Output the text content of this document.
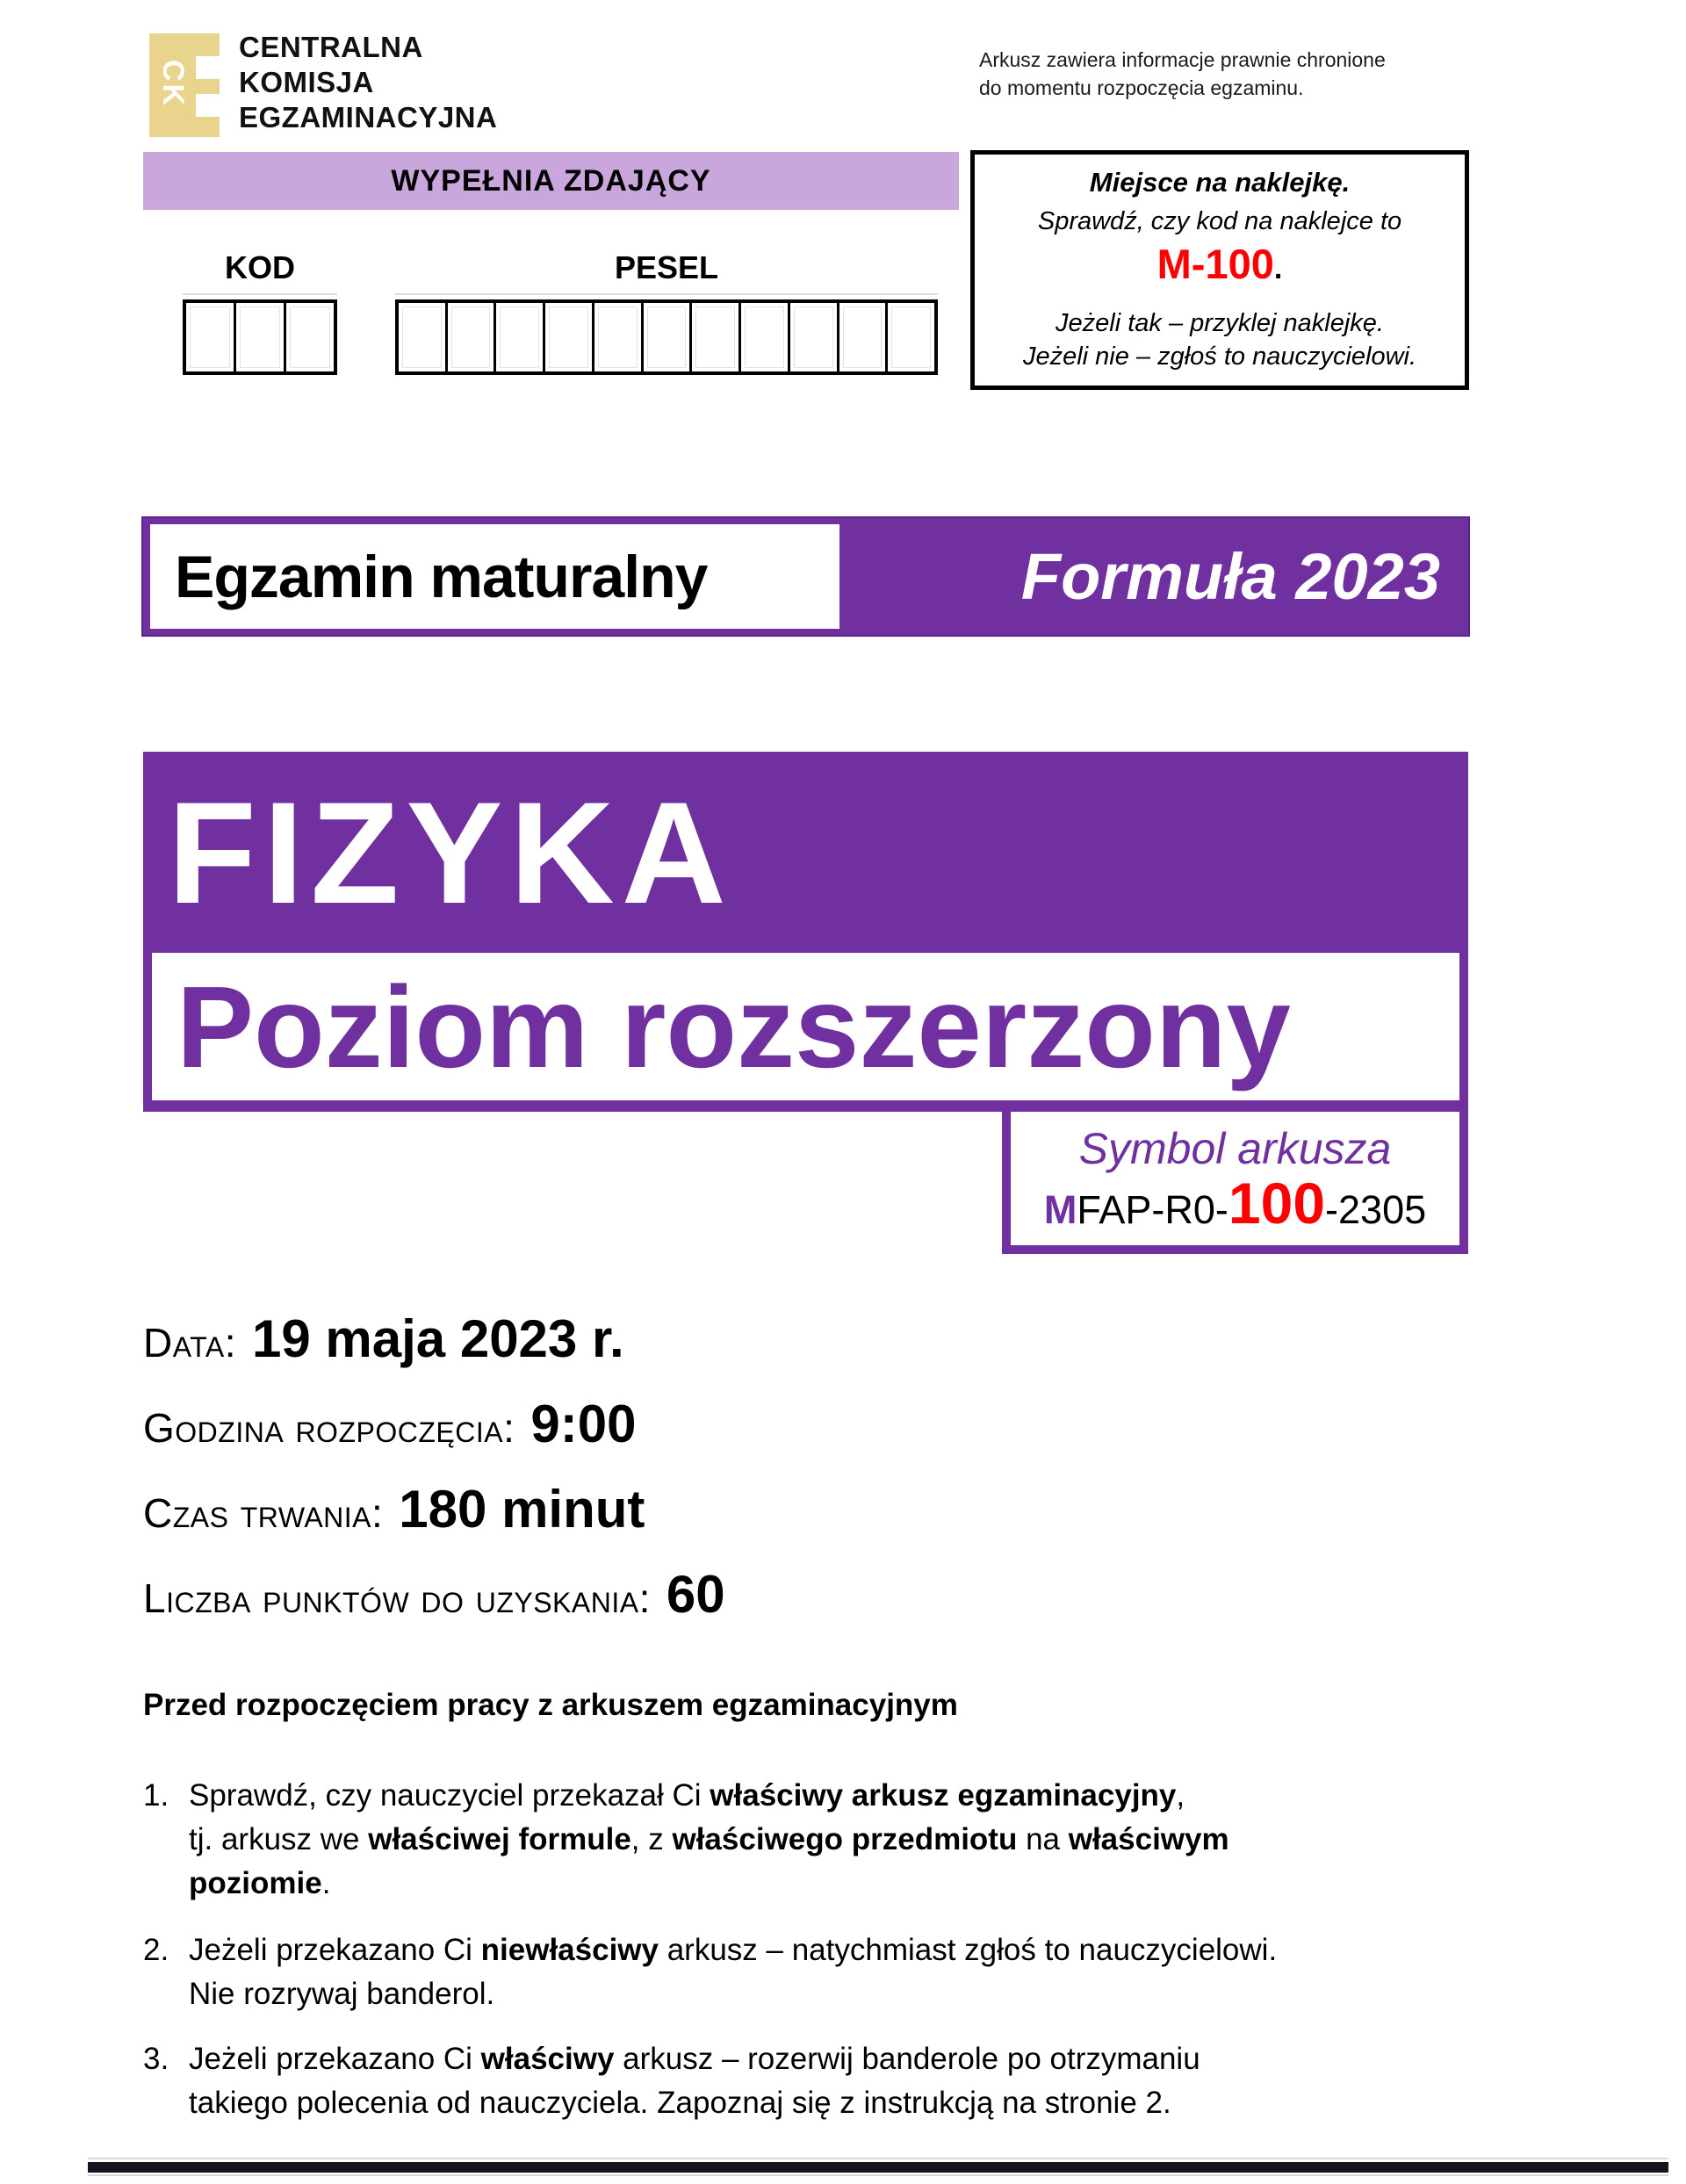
CK
CENTRALNA
KOMISJA
EGZAMINACYJNA
Arkusz zawiera informacje prawnie chronione
do momentu rozpoczęcia egzaminu.
WYPEŁNIA ZDAJĄCY
KOD	PESEL
Miejsce na naklejkę.
Sprawdź, czy kod na naklejce to
M-100.
Jeżeli tak – przyklej naklejkę.
Jeżeli nie – zgłoś to nauczycielowi.
Egzamin maturalny	Formuła 2023
FIZYKA
Poziom rozszerzony
Symbol arkusza
M FAP-R0- 100 -2305
Data: 19 maja 2023 r.
Godzina rozpoczęcia: 9:00
Czas trwania: 180 minut
Liczba punktów do uzyskania: 60
Przed rozpoczęciem pracy z arkuszem egzaminacyjnym
1. Sprawdź, czy nauczyciel przekazał Ci właściwy arkusz egzaminacyjny,
tj. arkusz we właściwej formule, z właściwego przedmiotu na właściwym
poziomie.
2. Jeżeli przekazano Ci niewłaściwy arkusz – natychmiast zgłoś to nauczycielowi.
Nie rozrywaj banderol.
3. Jeżeli przekazano Ci właściwy arkusz – rozerwij banderole po otrzymaniu
takiego polecenia od nauczyciela. Zapoznaj się z instrukcją na stronie 2.
